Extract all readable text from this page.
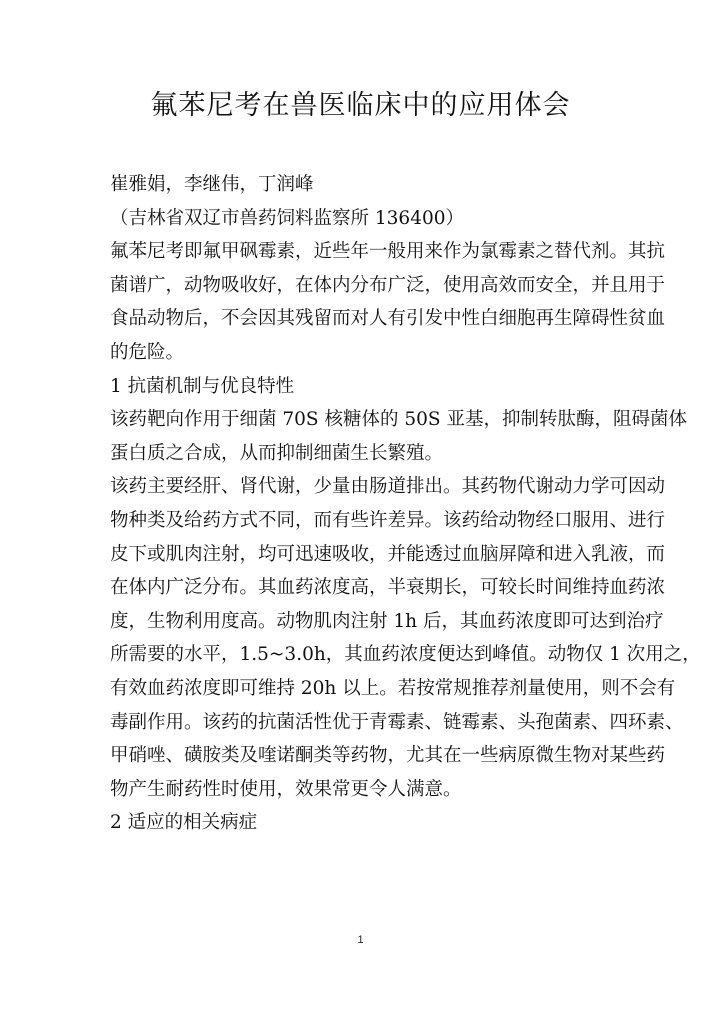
氟苯尼考在兽医临床中的应用体会
崔雅娟，李继伟，丁润峰
（吉林省双辽市兽药饲料监察所 136400）
氟苯尼考即氟甲砜霉素，近些年一般用来作为氯霉素之替代剂。其抗
菌谱广，动物吸收好，在体内分布广泛，使用高效而安全，并且用于
食品动物后，不会因其残留而对人有引发中性白细胞再生障碍性贫血
的危险。
1 抗菌机制与优良特性
该药靶向作用于细菌 70S 核糖体的 50S 亚基，抑制转肽酶，阻碍菌体
蛋白质之合成，从而抑制细菌生长繁殖。
该药主要经肝、肾代谢，少量由肠道排出。其药物代谢动力学可因动
物种类及给药方式不同，而有些许差异。该药给动物经口服用、进行
皮下或肌肉注射，均可迅速吸收，并能透过血脑屏障和进入乳液，而
在体内广泛分布。其血药浓度高，半衰期长，可较长时间维持血药浓
度，生物利用度高。动物肌肉注射 1h 后，其血药浓度即可达到治疗
所需要的水平，1.5~3.0h，其血药浓度便达到峰值。动物仅 1 次用之，
有效血药浓度即可维持 20h 以上。若按常规推荐剂量使用，则不会有
毒副作用。该药的抗菌活性优于青霉素、链霉素、头孢菌素、四环素、
甲硝唑、磺胺类及喹诺酮类等药物，尤其在一些病原微生物对某些药
物产生耐药性时使用，效果常更令人满意。
2 适应的相关病症
1
